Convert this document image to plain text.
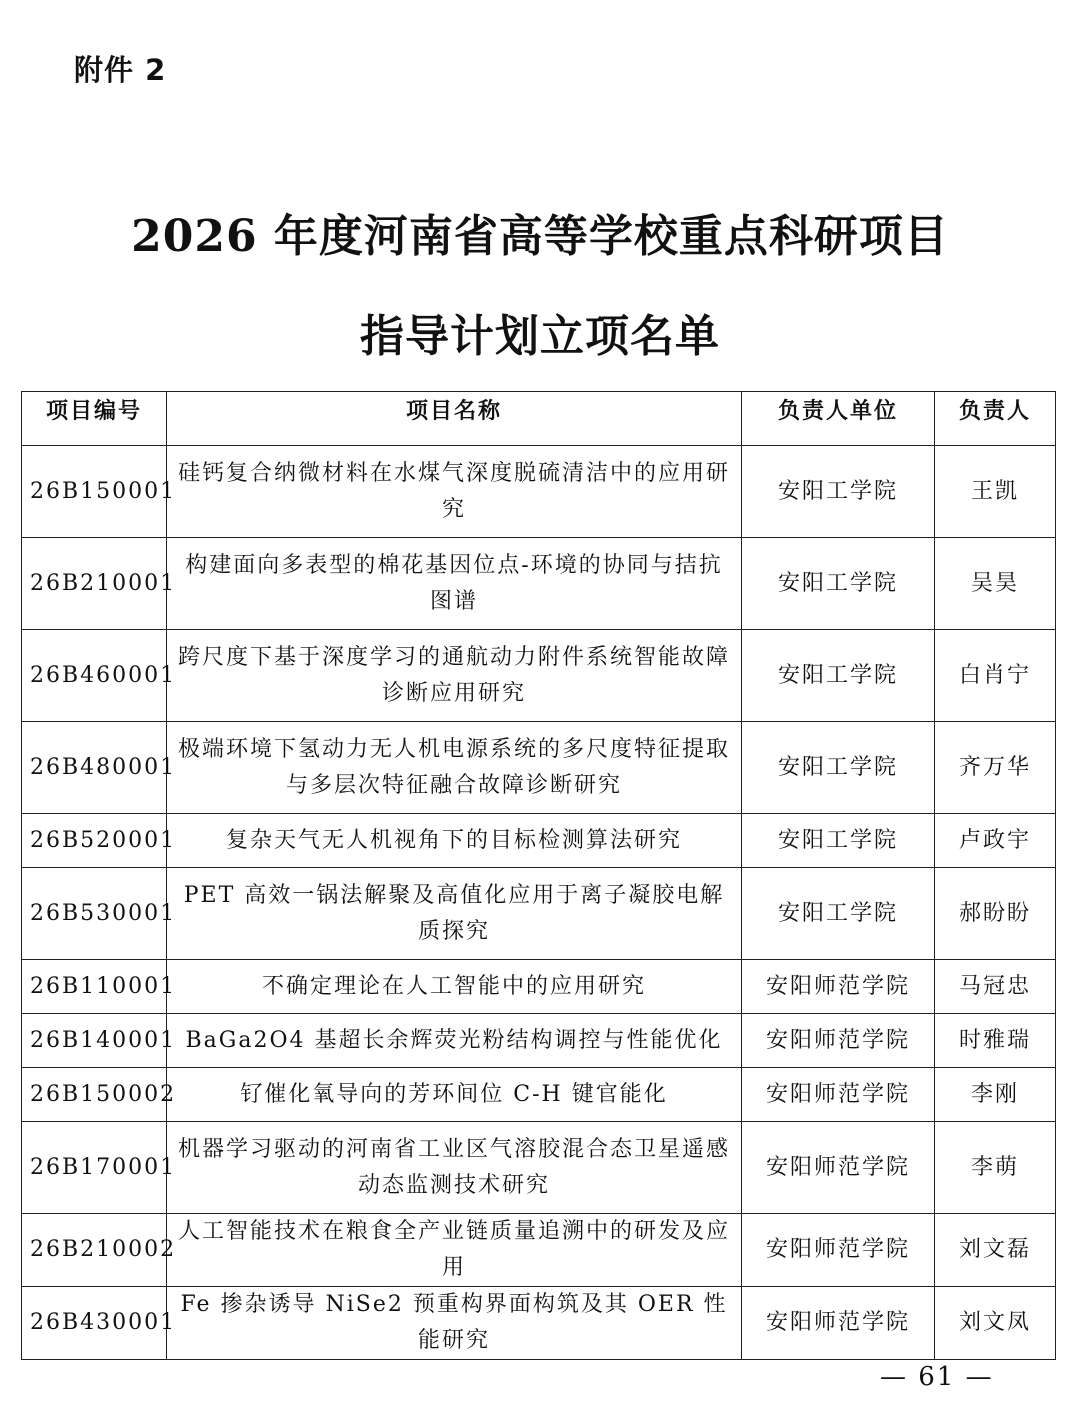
附件 2
2026 年度河南省高等学校重点科研项目
指导计划立项名单
项目编号	项目名称	负责人单位	负责人
26B150001	硅钙复合纳微材料在水煤气深度脱硫清洁中的应用研究	安阳工学院	王凯
26B210001	构建面向多表型的棉花基因位点-环境的协同与拮抗图谱	安阳工学院	吴昊
26B460001	跨尺度下基于深度学习的通航动力附件系统智能故障诊断应用研究	安阳工学院	白肖宁
26B480001	极端环境下氢动力无人机电源系统的多尺度特征提取与多层次特征融合故障诊断研究	安阳工学院	齐万华
26B520001	复杂天气无人机视角下的目标检测算法研究	安阳工学院	卢政宇
26B530001	PET 高效一锅法解聚及高值化应用于离子凝胶电解质探究	安阳工学院	郝盼盼
26B110001	不确定理论在人工智能中的应用研究	安阳师范学院	马冠忠
26B140001	BaGa2O4 基超长余辉荧光粉结构调控与性能优化	安阳师范学院	时雅瑞
26B150002	钌催化氧导向的芳环间位 C-H 键官能化	安阳师范学院	李刚
26B170001	机器学习驱动的河南省工业区气溶胶混合态卫星遥感动态监测技术研究	安阳师范学院	李萌
26B210002	人工智能技术在粮食全产业链质量追溯中的研发及应用	安阳师范学院	刘文磊
26B430001	Fe 掺杂诱导 NiSe2 预重构界面构筑及其 OER 性能研究	安阳师范学院	刘文凤
— 61 —
